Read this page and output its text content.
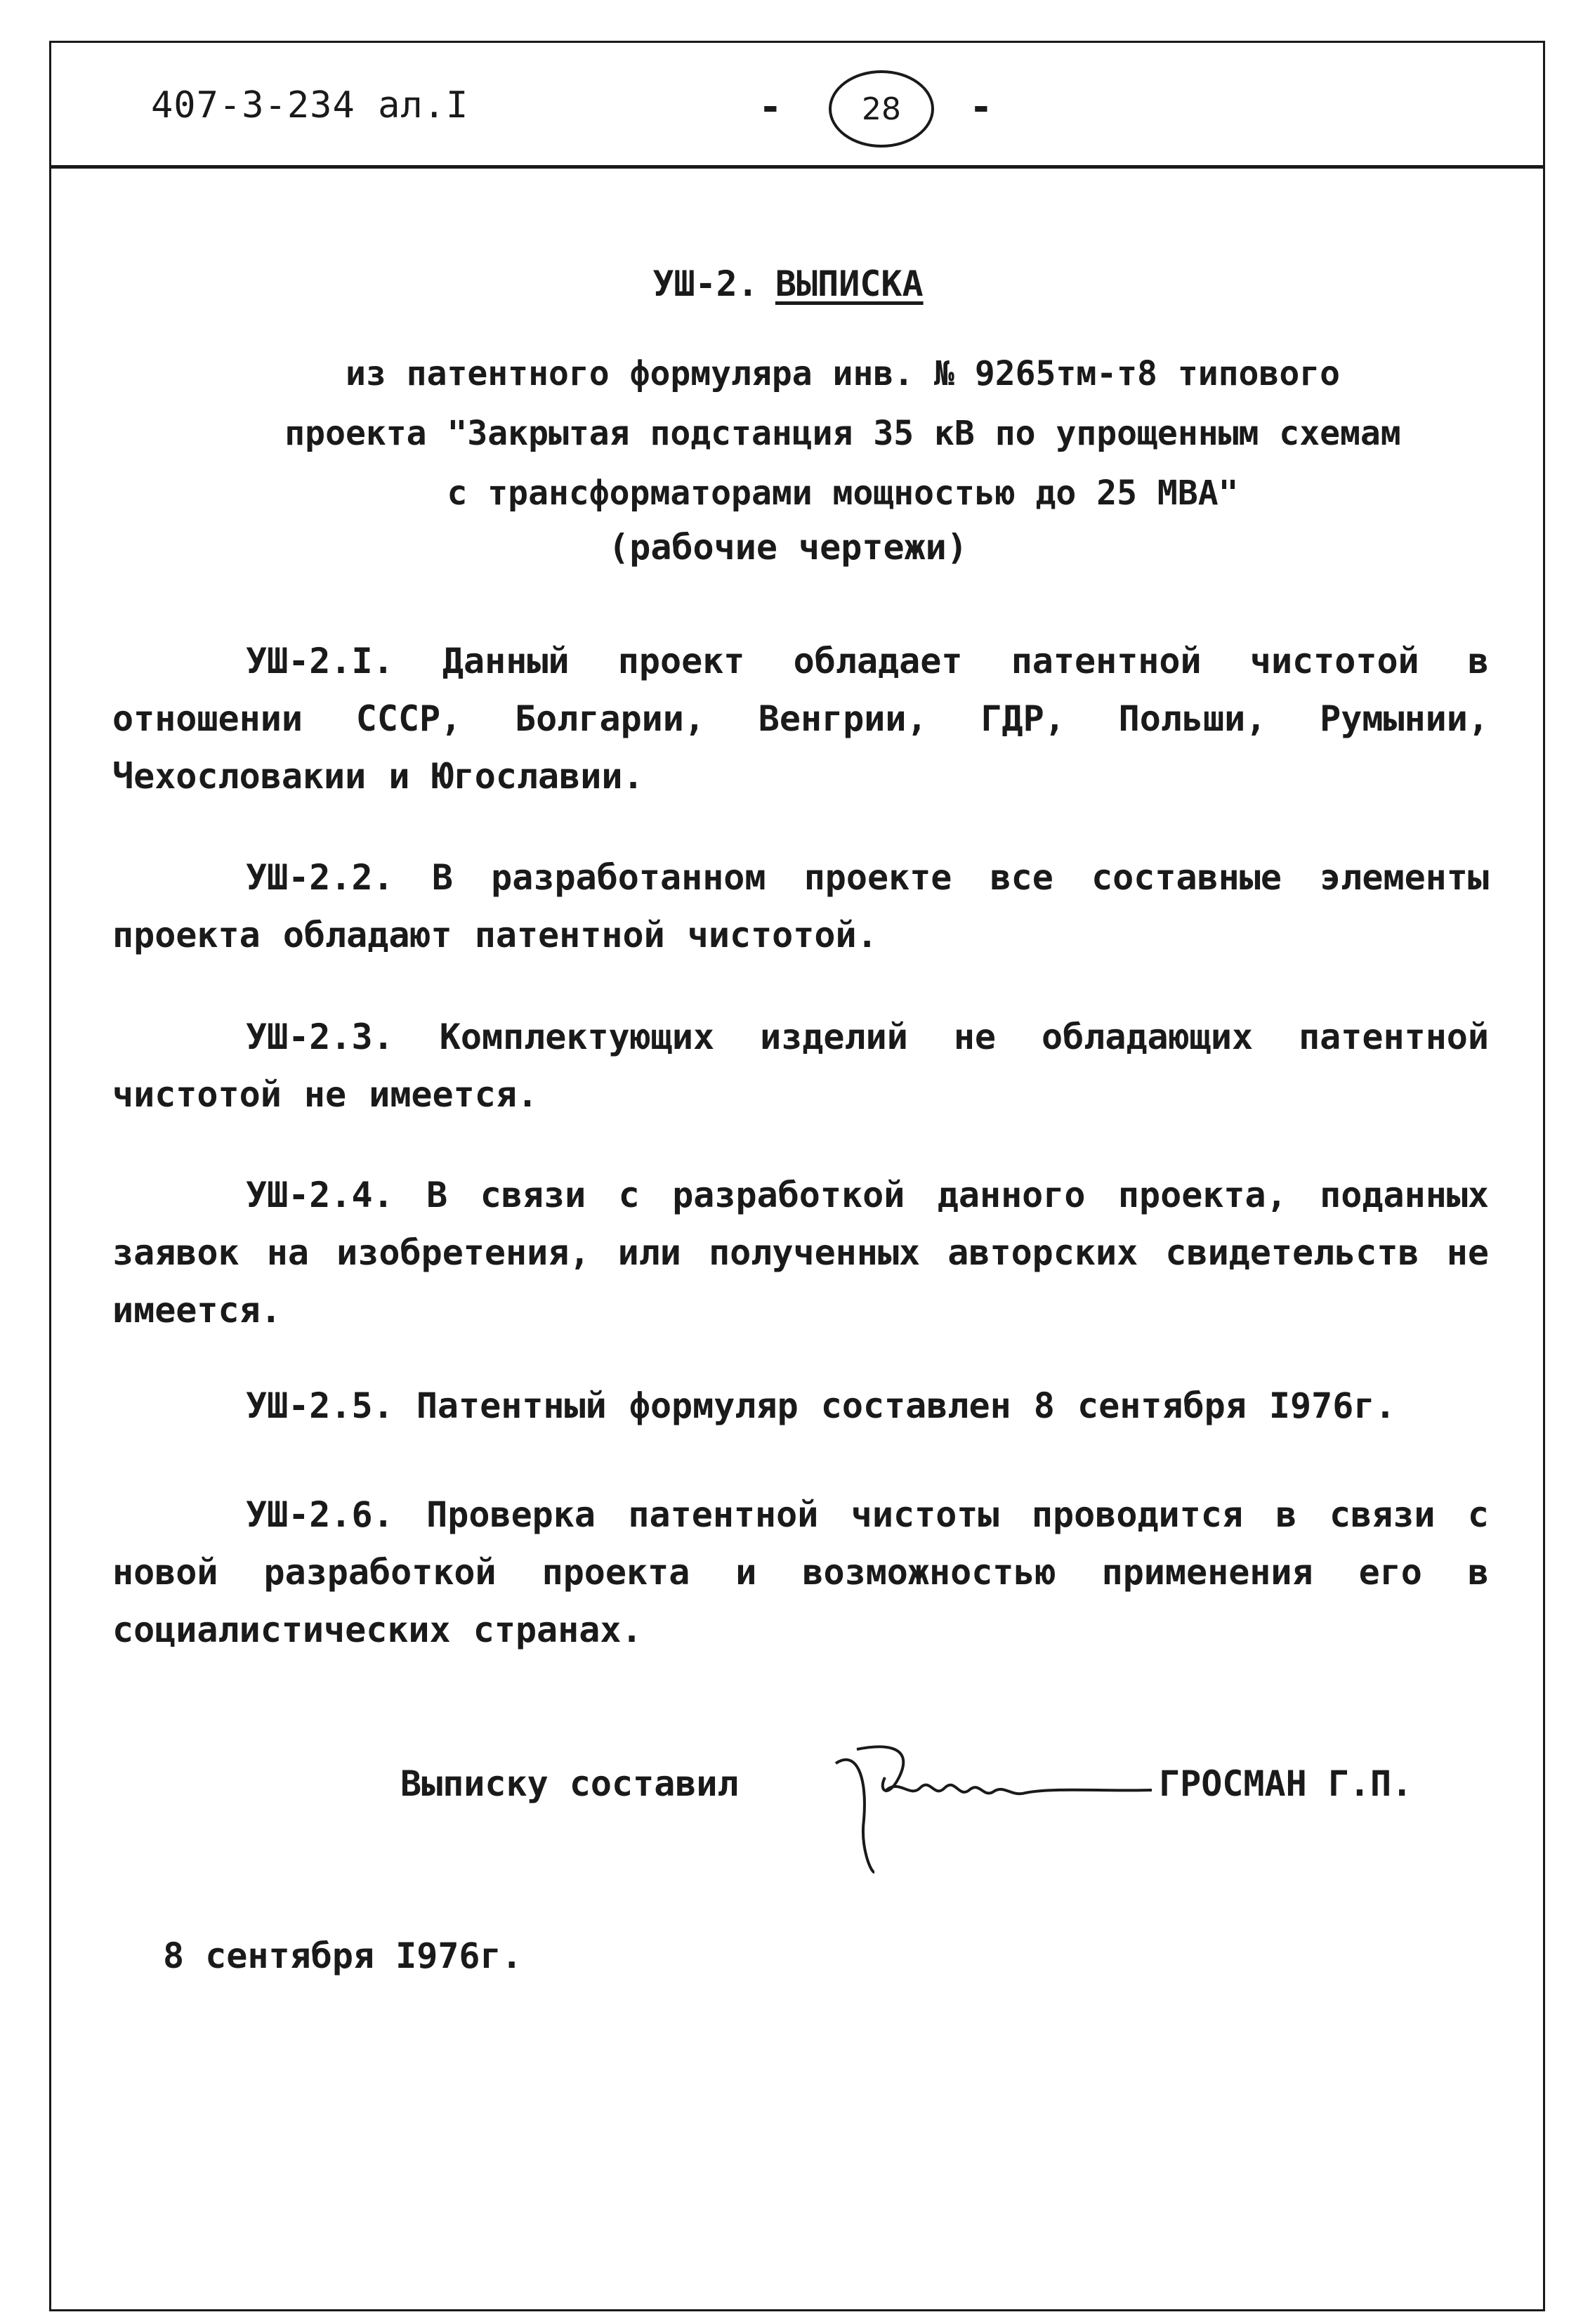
407-3-234 ал.I	-	28	-
УШ-2. ВЫПИСКА
из патентного формуляра инв. № 9265тм-т8 типового проекта "Закрытая подстанция 35 кВ по упрощенным схемам с трансформаторами мощностью до 25 МВА"
(рабочие чертежи)
УШ-2.I. Данный проект обладает патентной чистотой в отношении СССР, Болгарии, Венгрии, ГДР, Польши, Румынии, Чехословакии и Югославии.
УШ-2.2. В разработанном проекте все составные элементы проекта обладают патентной чистотой.
УШ-2.3. Комплектующих изделий не обладающих патентной чистотой не имеется.
УШ-2.4. В связи с разработкой данного проекта, поданных заявок на изобретения, или полученных авторских свидетельств не имеется.
УШ-2.5. Патентный формуляр составлен 8 сентября I976г.
УШ-2.6. Проверка патентной чистоты проводится в связи с новой разработкой проекта и возможностью применения его в социалистических странах.
Выписку составил	ГРОСМАН Г.П.
8 сентября I976г.
